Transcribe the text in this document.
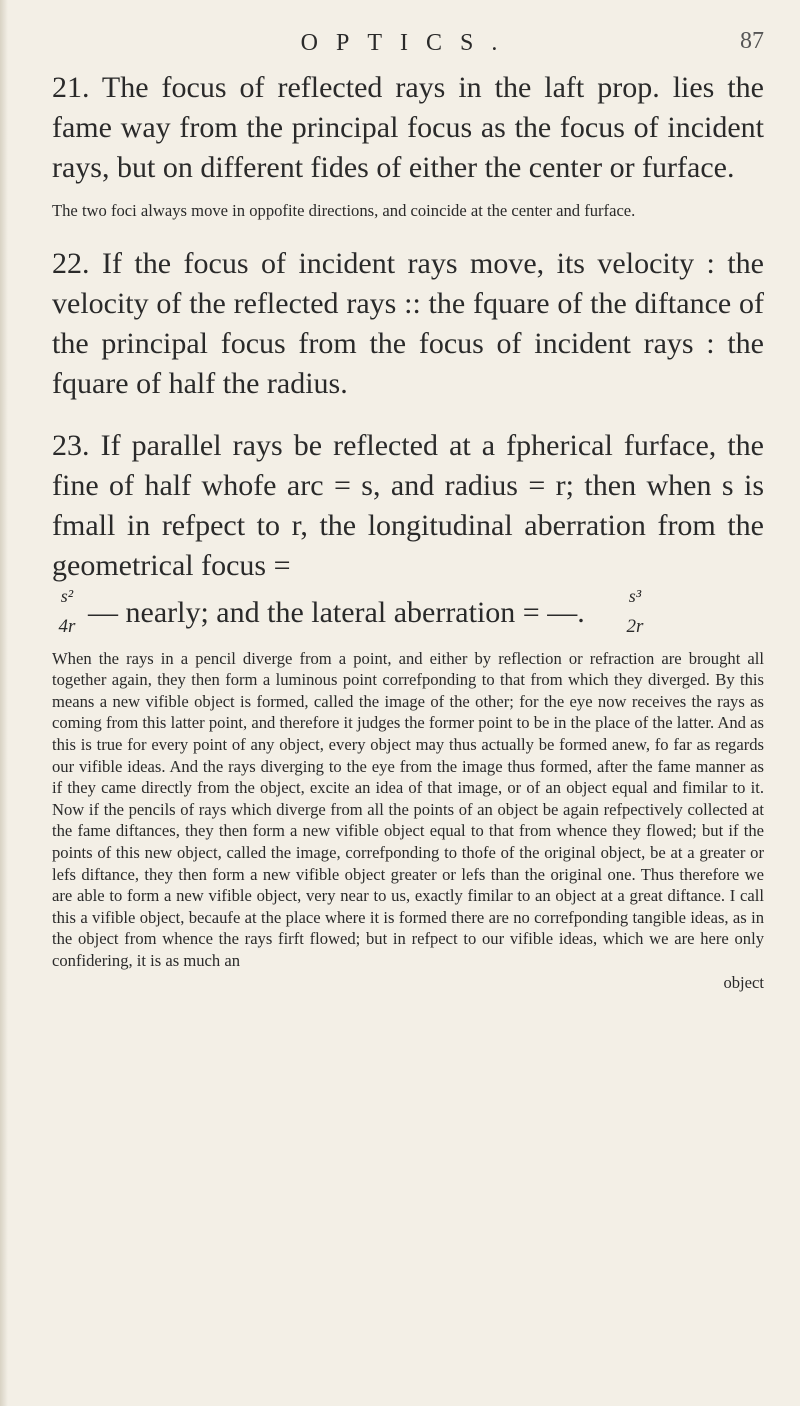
OPTICS.	87

21. The focus of reflected rays in the laft prop. lies the fame way from the principal focus as the focus of incident rays, but on different fides of either the center or furface.

The two foci always move in oppofite directions, and coincide at the center and furface.

22. If the focus of incident rays move, its velocity : the velocity of the reflected rays :: the fquare of the diftance of the principal focus from the focus of incident rays : the fquare of half the radius.

23. If parallel rays be reflected at a fpherical furface, the fine of half whofe arc = s, and radius = r; then when s is fmall in refpect to r, the longitudinal aberration from the geometrical focus =

s²
4r — nearly; and the lateral aberration = —.	s³
2r

When the rays in a pencil diverge from a point, and either by reflection or refraction are brought all together again, they then form a luminous point correfponding to that from which they diverged. By this means a new vifible object is formed, called the image of the other; for the eye now receives the rays as coming from this latter point, and therefore it judges the former point to be in the place of the latter. And as this is true for every point of any object, every object may thus actually be formed anew, fo far as regards our vifible ideas. And the rays diverging to the eye from the image thus formed, after the fame manner as if they came directly from the object, excite an idea of that image, or of an object equal and fimilar to it. Now if the pencils of rays which diverge from all the points of an object be again refpectively collected at the fame diftances, they then form a new vifible object equal to that from whence they flowed; but if the points of this new object, called the image, correfponding to thofe of the original object, be at a greater or lefs diftance, they then form a new vifible object greater or lefs than the original one. Thus therefore we are able to form a new vifible object, very near to us, exactly fimilar to an object at a great diftance. I call this a vifible object, becaufe at the place where it is formed there are no correfponding tangible ideas, as in the object from whence the rays firft flowed; but in refpect to our vifible ideas, which we are here only confidering, it is as much an

object
